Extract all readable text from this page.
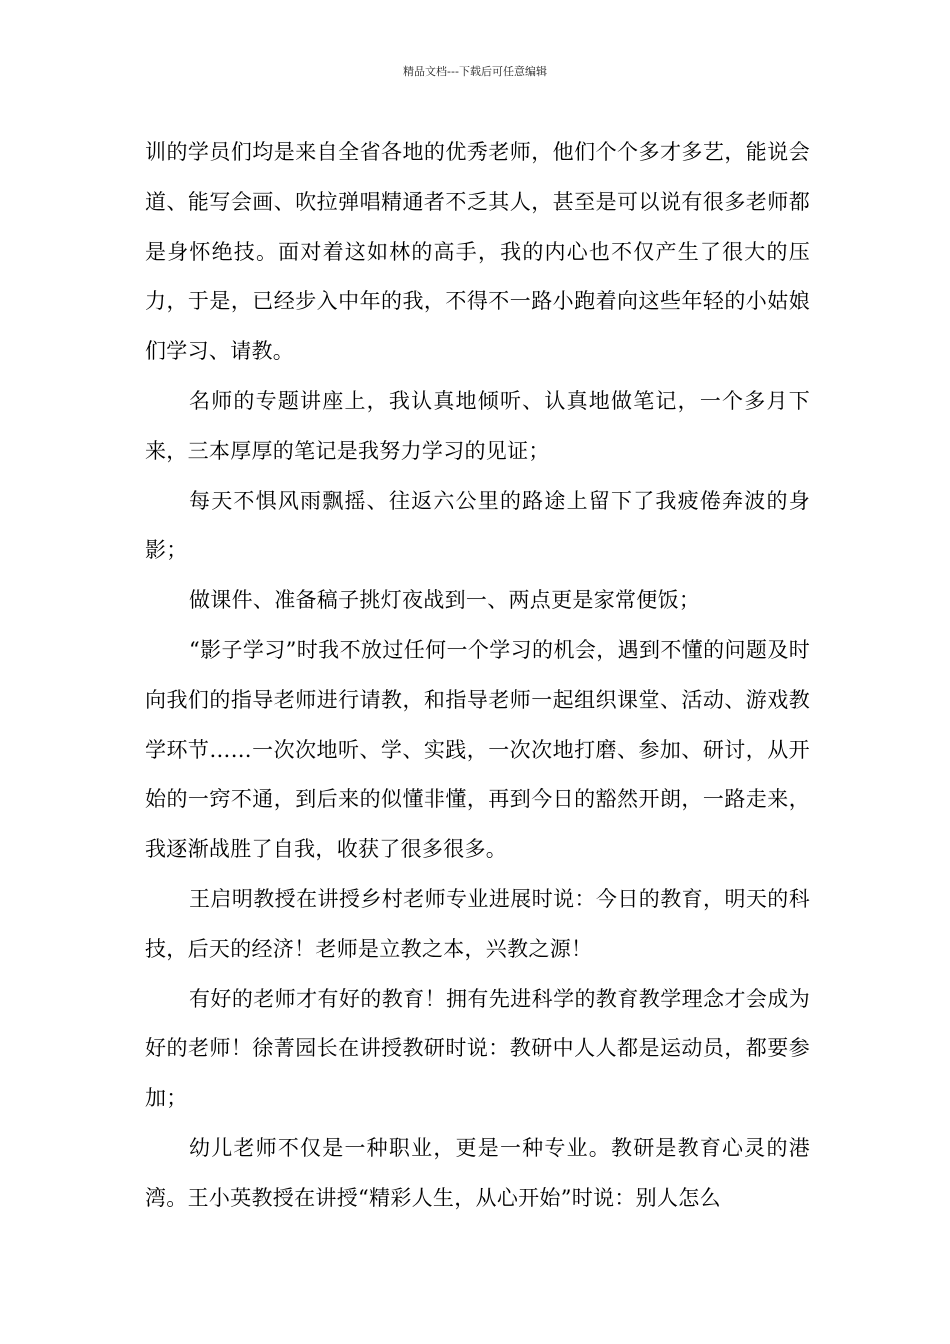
精品文档---下载后可任意编辑

训的学员们均是来自全省各地的优秀老师，他们个个多才多艺，能说会道、能写会画、吹拉弹唱精通者不乏其人，甚至是可以说有很多老师都是身怀绝技。面对着这如林的高手，我的内心也不仅产生了很大的压力，于是，已经步入中年的我，不得不一路小跑着向这些年轻的小姑娘们学习、请教。

名师的专题讲座上，我认真地倾听、认真地做笔记，一个多月下来，三本厚厚的笔记是我努力学习的见证；

每天不惧风雨飘摇、往返六公里的路途上留下了我疲倦奔波的身影；

做课件、准备稿子挑灯夜战到一、两点更是家常便饭；

“影子学习”时我不放过任何一个学习的机会，遇到不懂的问题及时向我们的指导老师进行请教，和指导老师一起组织课堂、活动、游戏教学环节……一次次地听、学、实践，一次次地打磨、参加、研讨，从开始的一窍不通，到后来的似懂非懂，再到今日的豁然开朗，一路走来，我逐渐战胜了自我，收获了很多很多。

王启明教授在讲授乡村老师专业进展时说：今日的教育，明天的科技，后天的经济！老师是立教之本，兴教之源！

有好的老师才有好的教育！拥有先进科学的教育教学理念才会成为好的老师！徐菁园长在讲授教研时说：教研中人人都是运动员，都要参加；

幼儿老师不仅是一种职业，更是一种专业。教研是教育心灵的港湾。王小英教授在讲授“精彩人生，从心开始”时说：别人怎么
